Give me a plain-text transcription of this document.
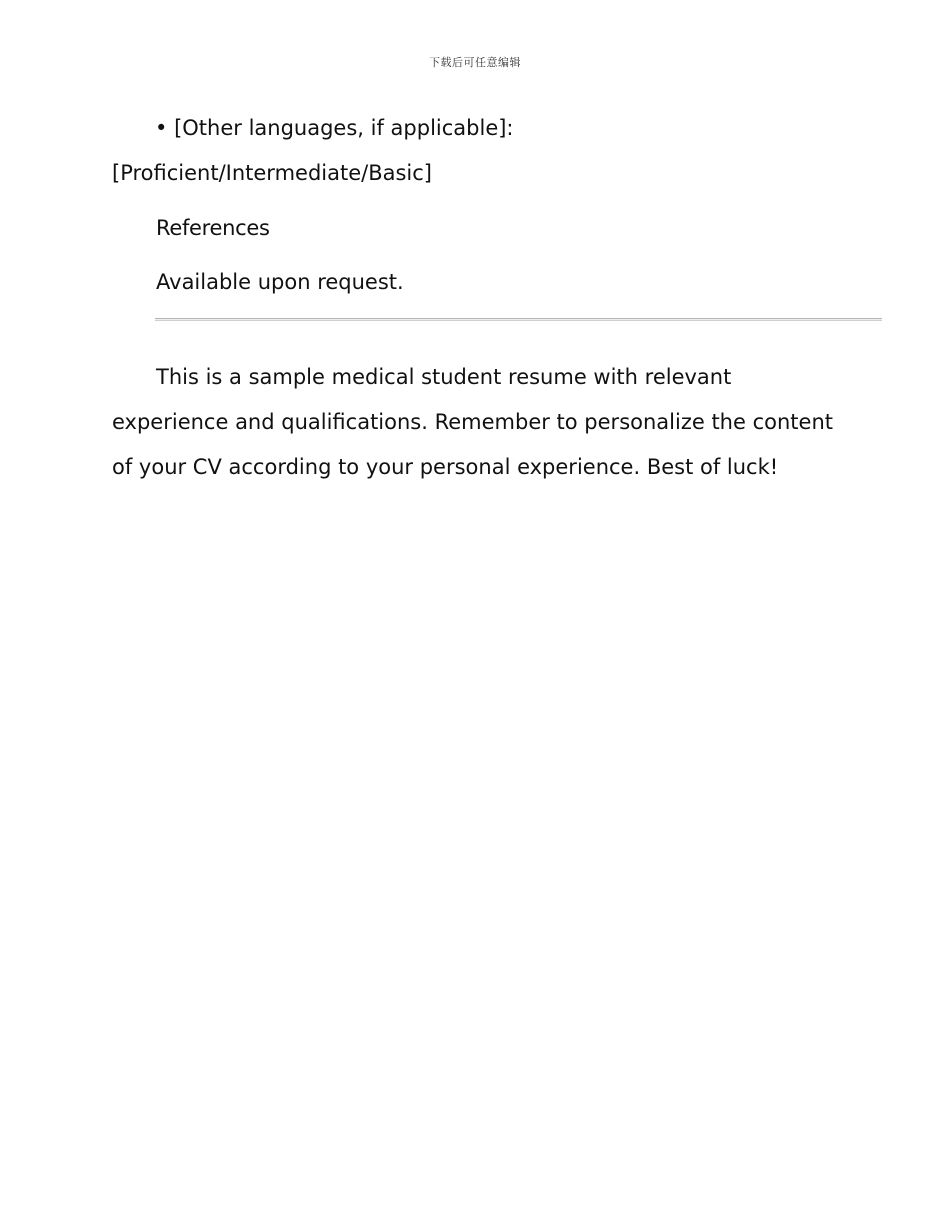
下载后可任意编辑
• [Other languages, if applicable]:
[Proficient/Intermediate/Basic]
References
Available upon request.
This is a sample medical student resume with relevant experience and qualifications. Remember to personalize the content of your CV according to your personal experience. Best of luck!
